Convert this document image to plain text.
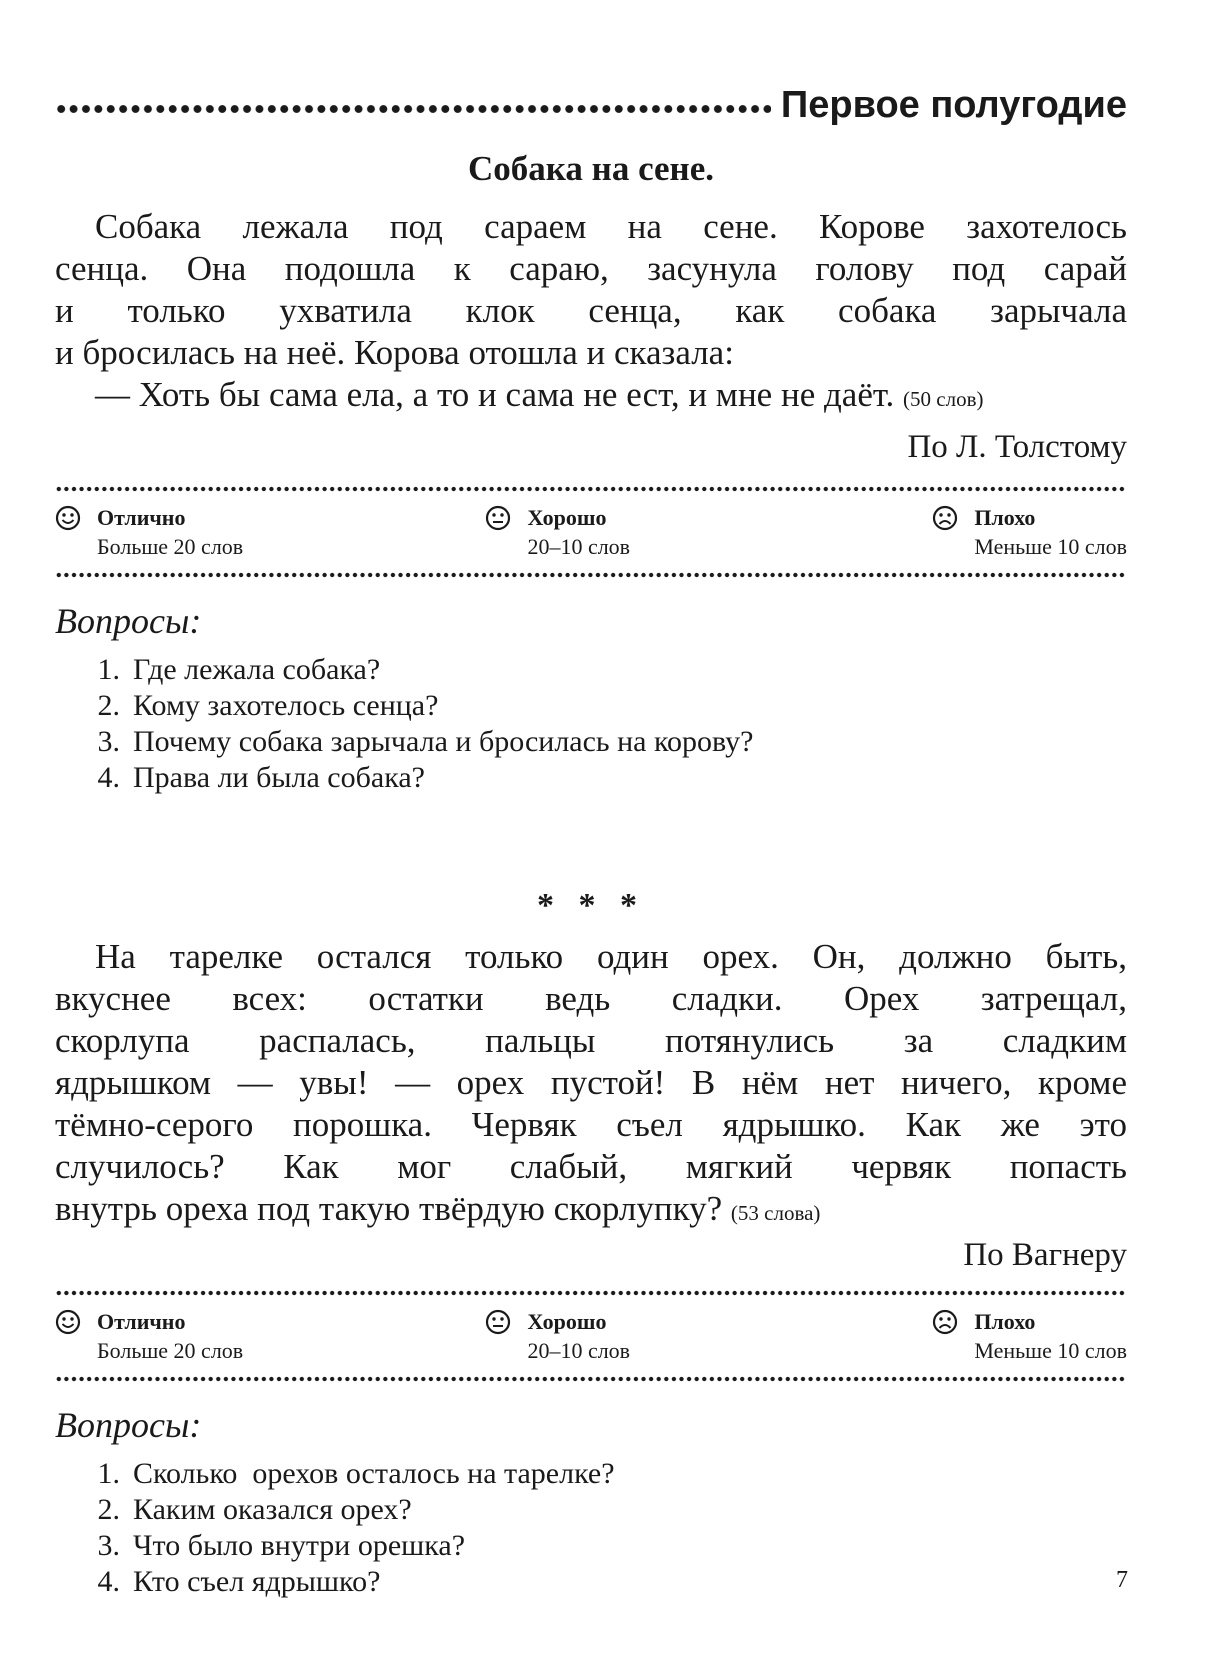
Первое полугодие
Собака на сене.
Собака лежала под сараем на сене. Корове захотелось
сенца. Она подошла к сараю, засунула голову под сарай
и только ухватила клок сенца, как собака зарычала
и бросилась на неё. Корова отошла и сказала:
— Хоть бы сама ела, а то и сама не ест, и мне не даёт. (50 слов)
По Л. Толстому
Отлично
Больше 20 слов
Хорошо
20–10 слов
Плохо
Меньше 10 слов
Вопросы:
1. Где лежала собака?
2. Кому захотелось сенца?
3. Почему собака зарычала и бросилась на корову?
4. Права ли была собака?
* * *
На тарелке остался только один орех. Он, должно быть,
вкуснее всех: остатки ведь сладки. Орех затрещал,
скорлупа распалась, пальцы потянулись за сладким
ядрышком — увы! — орех пустой! В нём нет ничего, кроме
тёмно-серого порошка. Червяк съел ядрышко. Как же это
случилось? Как мог слабый, мягкий червяк попасть
внутрь ореха под такую твёрдую скорлупку? (53 слова)
По Вагнеру
Отлично
Больше 20 слов
Хорошо
20–10 слов
Плохо
Меньше 10 слов
Вопросы:
1. Сколько  орехов осталось на тарелке?
2. Каким оказался орех?
3. Что было внутри орешка?
4. Кто съел ядрышко?	7
